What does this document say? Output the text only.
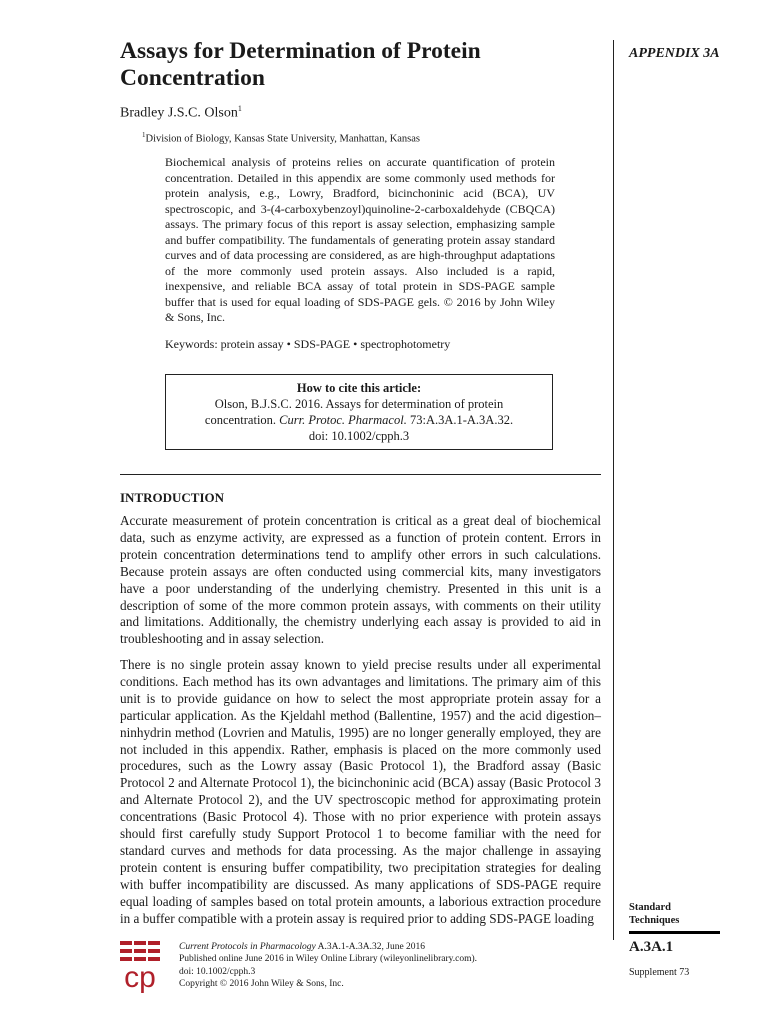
APPENDIX 3A
Assays for Determination of Protein Concentration
Bradley J.S.C. Olson$^1$
$^1$Division of Biology, Kansas State University, Manhattan, Kansas
Biochemical analysis of proteins relies on accurate quantification of protein concentration. Detailed in this appendix are some commonly used methods for protein analysis, e.g., Lowry, Bradford, bicinchoninic acid (BCA), UV spectroscopic, and 3-(4-carboxybenzoyl)quinoline-2-carboxaldehyde (CBQCA) assays. The primary focus of this report is assay selection, emphasizing sample and buffer compatibility. The fundamentals of generating protein assay standard curves and of data processing are considered, as are high-throughput adaptations of the more commonly used protein assays. Also included is a rapid, inexpensive, and reliable BCA assay of total protein in SDS-PAGE sample buffer that is used for equal loading of SDS-PAGE gels. © 2016 by John Wiley & Sons, Inc.
Keywords: protein assay • SDS-PAGE • spectrophotometry
How to cite this article:
Olson, B.J.S.C. 2016. Assays for determination of protein
concentration. Curr. Protoc. Pharmacol. 73:A.3A.1-A.3A.32.
doi: 10.1002/cpph.3
INTRODUCTION
Accurate measurement of protein concentration is critical as a great deal of biochemical data, such as enzyme activity, are expressed as a function of protein content. Errors in protein concentration determinations tend to amplify other errors in such calculations. Because protein assays are often conducted using commercial kits, many investigators have a poor understanding of the underlying chemistry. Presented in this unit is a description of some of the more common protein assays, with comments on their utility and limitations. Additionally, the chemistry underlying each assay is provided to aid in troubleshooting and in assay selection.
There is no single protein assay known to yield precise results under all experimental conditions. Each method has its own advantages and limitations. The primary aim of this unit is to provide guidance on how to select the most appropriate protein assay for a particular application. As the Kjeldahl method (Ballentine, 1957) and the acid digestion–ninhydrin method (Lovrien and Matulis, 1995) are no longer generally employed, they are not included in this appendix. Rather, emphasis is placed on the more commonly used procedures, such as the Lowry assay (Basic Protocol 1), the Bradford assay (Basic Protocol 2 and Alternate Protocol 1), the bicinchoninic acid (BCA) assay (Basic Protocol 3 and Alternate Protocol 2), and the UV spectroscopic method for approximating protein concentrations (Basic Protocol 4). Those with no prior experience with protein assays should first carefully study Support Protocol 1 to become familiar with the need for standard curves and methods for data processing. As the major challenge in assaying protein content is ensuring buffer compatibility, two precipitation strategies for dealing with buffer incompatibility are discussed. As many applications of SDS-PAGE require equal loading of samples based on total protein amounts, a laborious extraction procedure in a buffer compatible with a protein assay is required prior to adding SDS-PAGE loading
Standard
Techniques
A.3A.1
Supplement 73
cp
Current Protocols in Pharmacology A.3A.1-A.3A.32, June 2016
Published online June 2016 in Wiley Online Library (wileyonlinelibrary.com).
doi: 10.1002/cpph.3
Copyright © 2016 John Wiley & Sons, Inc.
